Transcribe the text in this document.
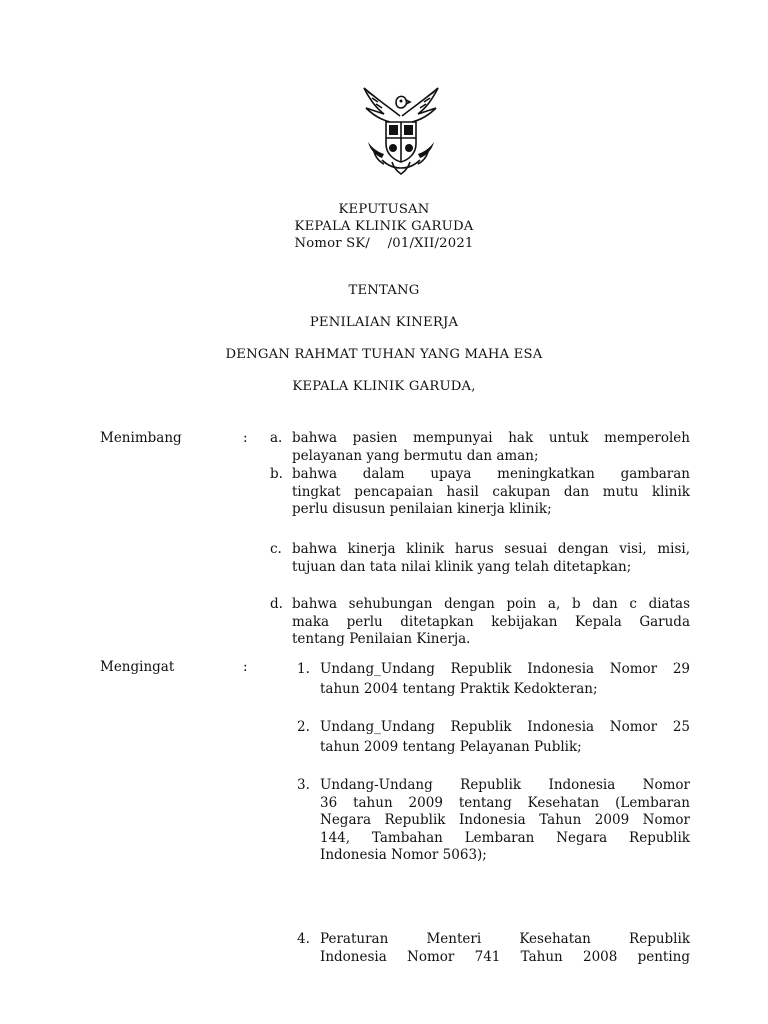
KEPUTUSAN
KEPALA KLINIK GARUDA
Nomor SK/    /01/XII/2021
TENTANG
PENILAIAN KINERJA
DENGAN RAHMAT TUHAN YANG MAHA ESA
KEPALA KLINIK GARUDA,
Menimbang	: a. bahwa pasien mempunyai hak untuk memperoleh
pelayanan yang bermutu dan aman;
b. bahwa dalam upaya meningkatkan gambaran
tingkat pencapaian hasil cakupan dan mutu klinik
perlu disusun penilaian kinerja klinik;
c. bahwa kinerja klinik harus sesuai dengan visi, misi,
tujuan dan tata nilai klinik yang telah ditetapkan;
d. bahwa sehubungan dengan poin a, b dan c diatas
maka perlu ditetapkan kebijakan Kepala Garuda
tentang Penilaian Kinerja.
Mengingat	:	1. Undang_Undang Republik Indonesia Nomor 29
tahun 2004 tentang Praktik Kedokteran;
2. Undang_Undang Republik Indonesia Nomor 25
tahun 2009 tentang Pelayanan Publik;
3. Undang-Undang Republik Indonesia Nomor
36 tahun 2009 tentang Kesehatan (Lembaran
Negara Republik Indonesia Tahun 2009 Nomor
144, Tambahan Lembaran Negara Republik
Indonesia Nomor 5063);
4. Peraturan Menteri Kesehatan Republik
Indonesia Nomor 741 Tahun 2008 penting
